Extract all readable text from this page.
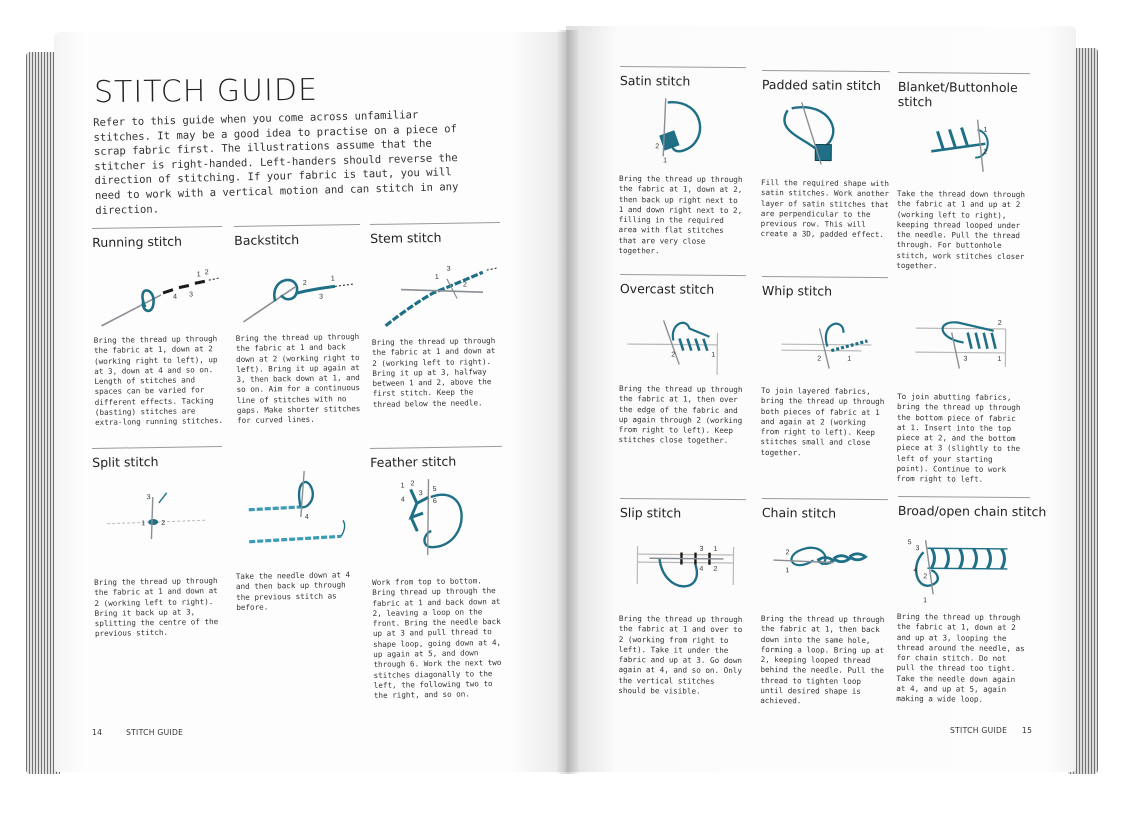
STITCH GUIDE
Refer to this guide when you come across unfamiliar stitches. It may be a good idea to practise on a piece of scrap fabric first. The illustrations assume that the stitcher is right-handed. Left-handers should reverse the direction of stitching. If your fabric is taut, you will need to work with a vertical motion and can stitch in any direction.
Running stitch
1 2
3
4
Bring the thread up through the fabric at 1, down at 2 (working right to left), up at 3, down at 4 and so on. Length of stitches and spaces can be varied for different effects. Tacking (basting) stitches are extra-long running stitches.
Backstitch
1
2
3
Bring the thread up through the fabric at 1 and back down at 2 (working right to left). Bring it up again at 3, then back down at 1, and so on. Aim for a continuous line of stitches with no gaps. Make shorter stitches for curved lines.
Stem stitch
3
1
2
Bring the thread up through the fabric at 1 and down at 2 (working left to right). Bring it up at 3, halfway between 1 and 2, above the first stitch. Keep the thread below the needle.
Split stitch
3
1 2
Bring the thread up through the fabric at 1 and down at 2 (working left to right). Bring it back up at 3, splitting the centre of the previous stitch.
4
Take the needle down at 4 and then back up through the previous stitch as before.
Feather stitch
1 2
3
4
5
6
Work from top to bottom. Bring thread up through the fabric at 1 and back down at 2, leaving a loop on the front. Bring the needle back up at 3 and pull thread to shape loop, going down at 4, up again at 5, and down through 6. Work the next two stitches diagonally to the left, the following two to the right, and so on.
14	STITCH GUIDE
Satin stitch
2
1
Bring the thread up through the fabric at 1, down at 2, then back up right next to 1 and down right next to 2, filling in the required area with flat stitches that are very close together.
Padded satin stitch
Fill the required shape with satin stitches. Work another layer of satin stitches that are perpendicular to the previous row. This will create a 3D, padded effect.
Blanket/Buttonhole stitch
2
1
Take the thread down through the fabric at 1 and up at 2 (working left to right), keeping thread looped under the needle. Pull the thread through. For buttonhole stitch, work stitches closer together.
Overcast stitch
1
2
Bring the thread up through the fabric at 1, then over the edge of the fabric and up again through 2 (working from right to left). Keep stitches close together.
Whip stitch
2	1
To join layered fabrics, bring the thread up through both pieces of fabric at 1 and again at 2 (working from right to left). Keep stitches small and close together.
2
1
3
To join abutting fabrics, bring the thread up through the bottom piece of fabric at 1. Insert into the top piece at 2, and the bottom piece at 3 (slightly to the left of your starting point). Continue to work from right to left.
Slip stitch
1
2
3
4
Bring the thread up through the fabric at 1 and over to 2 (working from right to left). Take it under the fabric and up at 3. Go down again at 4, and so on. Only the vertical stitches should be visible.
Chain stitch
2
1
Bring the thread up through the fabric at 1, then back down into the same hole, forming a loop. Bring up at 2, keeping looped thread behind the needle. Pull the thread to tighten loop until desired shape is achieved.
Broad/open chain stitch
5
3
4
2
1
Bring the thread up through the fabric at 1, down at 2 and up at 3, looping the thread around the needle, as for chain stitch. Do not pull the thread too tight. Take the needle down again at 4, and up at 5, again making a wide loop.
STITCH GUIDE 15
